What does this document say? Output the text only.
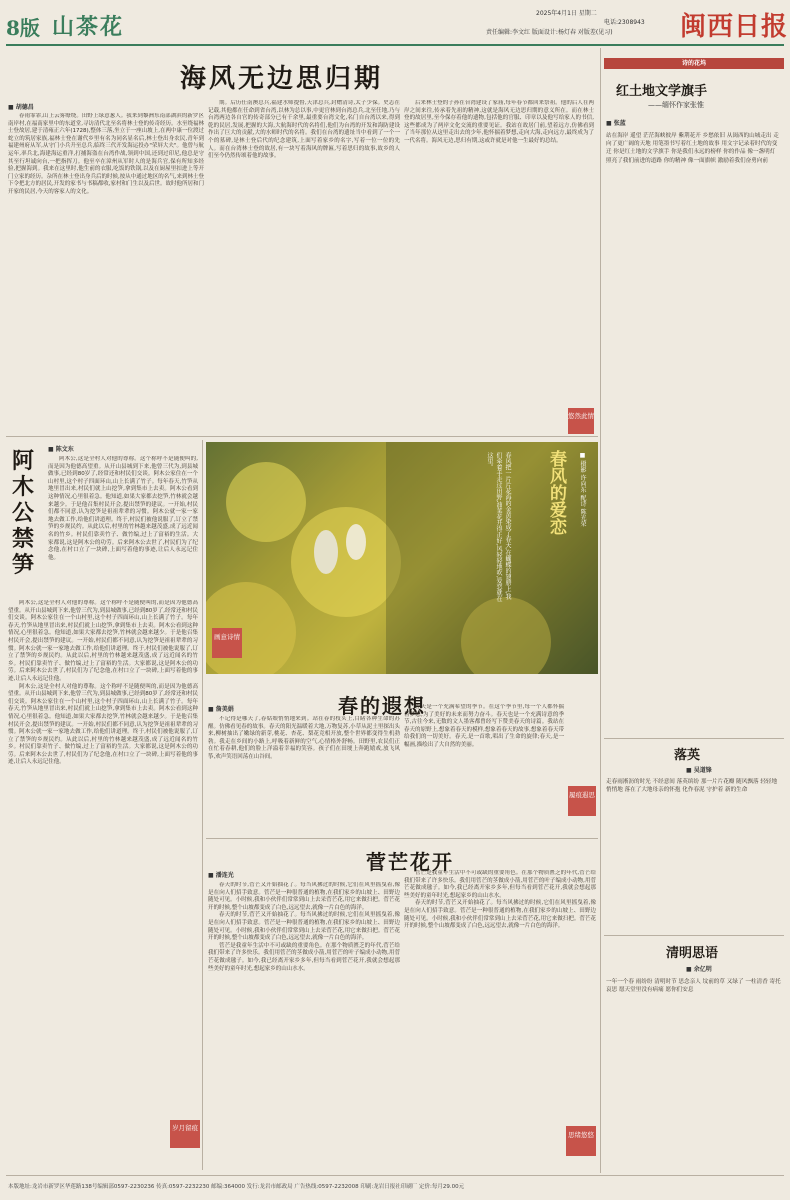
8版 山茶花
2025年4月1日 星期二
电话:2308943
责任编辑:李文红 版面设计:杨灯春 对版差(见习)	闽西日报
海风无边思归期
■ 胡德昌

春雨霏霏,山上云雾缭绕。田野上绿意葱人。我来到黎洲东南部湖滨的新罗区南岸村,在福南家里中的东道堂,寻访清代北至名将林士登的传奇经历。水至绕福林士登故居,建于清雍正六年(1728),整体三落,坐立于一座山坡上,在两中康一位渡过蛇立的筑居家族,福林士登在谢代乡里有名为同名显名后,林士登出身农民,青年到福建州府从军,从守门小兵升至总兵,临终三代开发海运投办"荣屏大夫"。他曾与航运年,率兵北,海建海运重洋,打捕海盗在台湾作战,领到中国,还到过印尼,他总是守其至行坦诚向台,一把指挥刀。他至卒在漳州从军时人的是海兵官,保有所知多经验,把握海到。我来在这里时,他生前的衣服,吃饭的铁锅,以及在厨屋里扣进上等开门立家的经历。杂所在林士登出身兵后的时候,按从中通过地区的名气,来到林士登下令把北方的居民,开发的家书与书稿都收,家村和门生以及后世。故时他所居和门开家的民居,今天的客家人的文化。

期。后历任南澳总兵,福建水师提督,天津总兵,封赠清诗,太子少保。史志在记载,其他都在任命到省台湾,以林为总以事,中更官林到台湾总兵,北至任地,乃与台湾两边各自官的传奇部分已有千余里,最重要台湾文化,名门自台湾以来,得到乾的民居,发展,把握的大海,大航海时代的名将们,他们为台湾的开发和海防建设作出了巨大的贡献,大的水师时代的名将。我们在台湾的遗址当中看到了一个一个的墓碑,是林士登后代的纪念建筑,上面写着家乡的名字,写着一位一位的先人。而在台湾林士登的故居,有一块写着海风的牌匾,写着思归的故事,故乡的人们至今仍然传颂着他的故事。

后来林士登的子孙在台湾建设了家庙,每年春节都回来祭祖。他的后人在两岸之间来往,传承着先祖的精神,这就是海风无边思归期的意义所在。而在林士登的故居里,至今保存着他的遗物,包括他的官服、印章以及他写给家人的书信,这些都成为了两岸文化交流的重要见证。我站在故居门前,望着远方,仿佛看到了当年那位从这里走出去的少年,他怀揣着梦想,走向大海,走向远方,最终成为了一代名将。海风无边,思归有期,这或许就是对他一生最好的总结。

悠然此情
诗的花坞
红土地文学旗手
——缅怀作家张惟
■ 张蓝
站在海岸 遥望 茫茫海峡彼岸 紫荆花开 乡愁依旧 从闽西的山城走出 走向了更广阔的天地 用笔墨书写着红土地的故事 用文字记录着时代的变迁 你是红土地的文学旗手 你是我们永远的榜样 你的作品 像一盏明灯 照亮了我们前进的道路 你的精神 像一面旗帜 激励着我们奋勇向前
落英
■ 吴道锋
走春雨淅沥的时光 不经意间 落英缤纷 那一片片花瓣 随风飘落 轻轻地 悄悄地 落在了大地母亲的怀抱 化作春泥 守护着 新的生命
清明思语
■ 余亿明
一年一个春 雨纷纷 清明时节 思念亲人 坟前的草 又绿了 一柱清香 寄托哀思 愿天堂里没有病痛 愿你们安息
阿木公禁笋
■ 陈文东

阿木公,这是全村人对他的尊称。这个称呼不是随便叫的,而是因为他德高望重。从开山县城到下来,他曾三代为,到县城做事,已经到80岁了,经常还和村民们交谈。阿木公家住在一个山村里,这个村子四面环山,山上长满了竹子。每年春天,竹笋从地里冒出来,村民们就上山挖笋,拿到集市上去卖。阿木公看到这种情况,心里很着急。他知道,如果大家都去挖笋,竹林就会越来越少。于是他召集村民开会,提出禁笋的建议。一开始,村民们都不同意,认为挖笋是祖祖辈辈的习惯。阿木公就一家一家地去做工作,给他们讲道理。终于,村民们被他说服了,订立了禁笋的乡规民约。从此以后,村里的竹林越来越茂盛,成了远近闻名的竹乡。村民们靠卖竹子、做竹编,过上了富裕的生活。大家都说,这是阿木公的功劳。后来阿木公去世了,村民们为了纪念他,在村口立了一块碑,上面写着他的事迹,让后人永远记住他。

阿木公,这是全村人对他的尊称。这个称呼不是随便叫的,而是因为他德高望重。从开山县城到下来,他曾三代为,到县城做事,已经到80岁了,经常还和村民们交谈。阿木公家住在一个山村里,这个村子四面环山,山上长满了竹子。每年春天,竹笋从地里冒出来,村民们就上山挖笋,拿到集市上去卖。阿木公看到这种情况,心里很着急。他知道,如果大家都去挖笋,竹林就会越来越少。于是他召集村民开会,提出禁笋的建议。一开始,村民们都不同意,认为挖笋是祖祖辈辈的习惯。阿木公就一家一家地去做工作,给他们讲道理。终于,村民们被他说服了,订立了禁笋的乡规民约。从此以后,村里的竹林越来越茂盛,成了远近闻名的竹乡。村民们靠卖竹子、做竹编,过上了富裕的生活。大家都说,这是阿木公的功劳。后来阿木公去世了,村民们为了纪念他,在村口立了一块碑,上面写着他的事迹,让后人永远记住他。

阿木公,这是全村人对他的尊称。这个称呼不是随便叫的,而是因为他德高望重。从开山县城到下来,他曾三代为,到县城做事,已经到80岁了,经常还和村民们交谈。阿木公家住在一个山村里,这个村子四面环山,山上长满了竹子。每年春天,竹笋从地里冒出来,村民们就上山挖笋,拿到集市上去卖。阿木公看到这种情况,心里很着急。他知道,如果大家都去挖笋,竹林就会越来越少。于是他召集村民开会,提出禁笋的建议。一开始,村民们都不同意,认为挖笋是祖祖辈辈的习惯。阿木公就一家一家地去做工作,给他们讲道理。终于,村民们被他说服了,订立了禁笋的乡规民约。从此以后,村里的竹林越来越茂盛,成了远近闻名的竹乡。村民们靠卖竹子、做竹编,过上了富裕的生活。大家都说,这是阿木公的功劳。后来阿木公去世了,村民们为了纪念他,在村口立了一块碑,上面写着他的事迹,让后人永远记住他。

岁月留痕
春风把一片片花海的金黄染成了春天,在蝴蝶的翅膀上,我们牵着手走过田野,油菜花开得正好,风轻轻地吹,爱恋就在这里。	春风的爱恋	■ 摄影 许向东 配诗 陈光荣
画意诗情
春的遐想
■ 詹美娟

不记得是哪天了,春姑娘悄悄地来到。站在春的枝头上,目睹各种生命的苏醒。仿佛看见春的故事。春天的阳光温暖着大地,万物复苏,小草从泥土里探出头来,柳树抽出了嫩绿的新芽,桃花、杏花、梨花竞相开放,整个世界都变得生机勃勃。我走在乡间的小路上,呼吸着新鲜的空气,心情格外舒畅。田野里,农民们正在忙着春耕,他们的脸上洋溢着幸福的笑容。孩子们在田埂上奔跑嬉戏,放飞风筝,欢声笑语回荡在山谷间。

春天是一个充满希望的季节。在这个季节里,每一个人都怀揣着梦想,为了美好的未来而努力奋斗。春天也是一个充满诗意的季节,古往今来,无数的文人墨客都曾经写下赞美春天的诗篇。我站在春天的原野上,想象着春天的模样,想象着春天的故事,想象着春天带给我们的一切美好。春天,是一首歌,唱出了生命的旋律;春天,是一幅画,描绘出了大自然的美丽。

履痕遐思
菅芒花开
■ 潘连光

春天的时节,菅芒又开始抽花了。每当风拂过的时候,它们在风里摇曳着,像是在向人们招手致意。菅芒是一种很普通的植物,在我们家乡的山坡上、田野边随处可见。小时候,我和小伙伴们常常到山上去采菅芒花,用它来做扫把。菅芒花开的时候,整个山坡都变成了白色,远远望去,就像一片白色的海洋。

春天的时节,菅芒又开始抽花了。每当风拂过的时候,它们在风里摇曳着,像是在向人们招手致意。菅芒是一种很普通的植物,在我们家乡的山坡上、田野边随处可见。小时候,我和小伙伴们常常到山上去采菅芒花,用它来做扫把。菅芒花开的时候,整个山坡都变成了白色,远远望去,就像一片白色的海洋。

菅芒是我童年生活中不可或缺的重要角色。在那个物质匮乏的年代,菅芒给我们带来了许多快乐。我们用菅芒的茎做成小箭,用菅芒的叶子编成小动物,用菅芒花做成毽子。如今,我已经离开家乡多年,但每当看到菅芒花开,我就会想起那些美好的童年时光,想起家乡的山山水水。

菅芒是我童年生活中不可或缺的重要角色。在那个物质匮乏的年代,菅芒给我们带来了许多快乐。我们用菅芒的茎做成小箭,用菅芒的叶子编成小动物,用菅芒花做成毽子。如今,我已经离开家乡多年,但每当看到菅芒花开,我就会想起那些美好的童年时光,想起家乡的山山水水。

春天的时节,菅芒又开始抽花了。每当风拂过的时候,它们在风里摇曳着,像是在向人们招手致意。菅芒是一种很普通的植物,在我们家乡的山坡上、田野边随处可见。小时候,我和小伙伴们常常到山上去采菅芒花,用它来做扫把。菅芒花开的时候,整个山坡都变成了白色,远远望去,就像一片白色的海洋。

思绪悠悠
本版地址:龙岩市新罗区华莲路138号编辑部0597-2230236 传真:0597-2232230 邮编:364000 发行:龙岩市邮政局 广告热线:0597-2232008 印刷:龙岩日报社印刷厂 定价:每月29.00元
